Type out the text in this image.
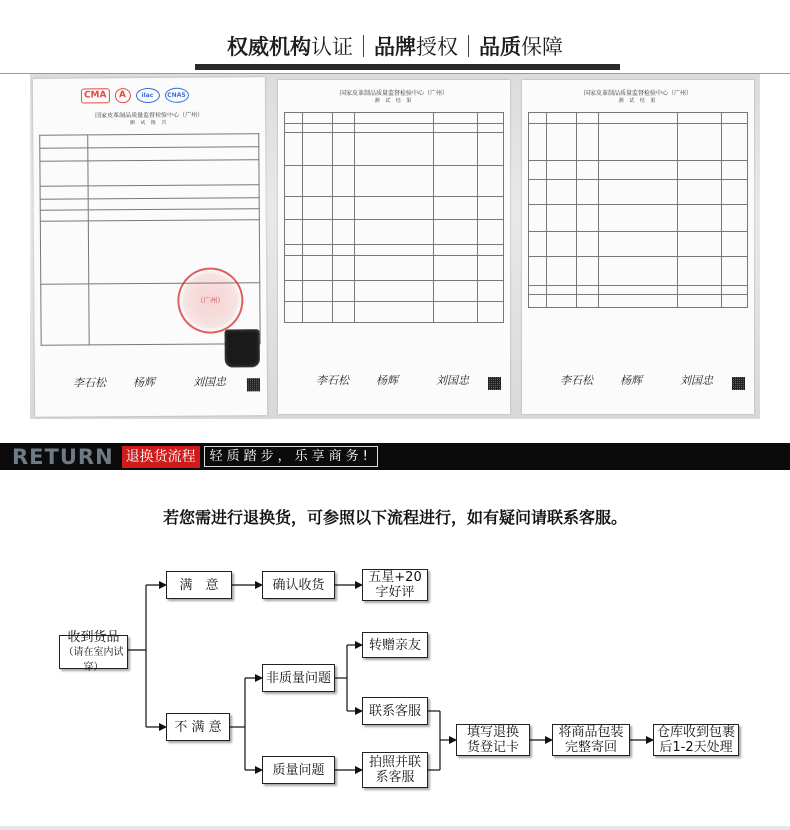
权威机构认证	品牌授权	品质保障
CMA	A	ilac	CNAS
国家皮革制品质量监督检验中心（广州）
测 试 报 告

（广州）
李石松 杨辉	刘国忠
国家皮革制品质量监督检验中心（广州）
测 试 结 果

李石松 杨辉	刘国忠
国家皮革制品质量监督检验中心（广州）
测 试 结 果

李石松 杨辉	刘国忠
RETURN 退换货流程	轻质踏步，乐享商务!
若您需进行退换货，可参照以下流程进行，如有疑问请联系客服。
收到货品
（请在室内试穿）
满　意	确认收货	五星+20
字好评
不 满 意
非质量问题
转赠亲友
联系客服
质量问题	拍照并联
系客服
填写退换
货登记卡
将商品包装
完整寄回
仓库收到包裹
后1-2天处理
